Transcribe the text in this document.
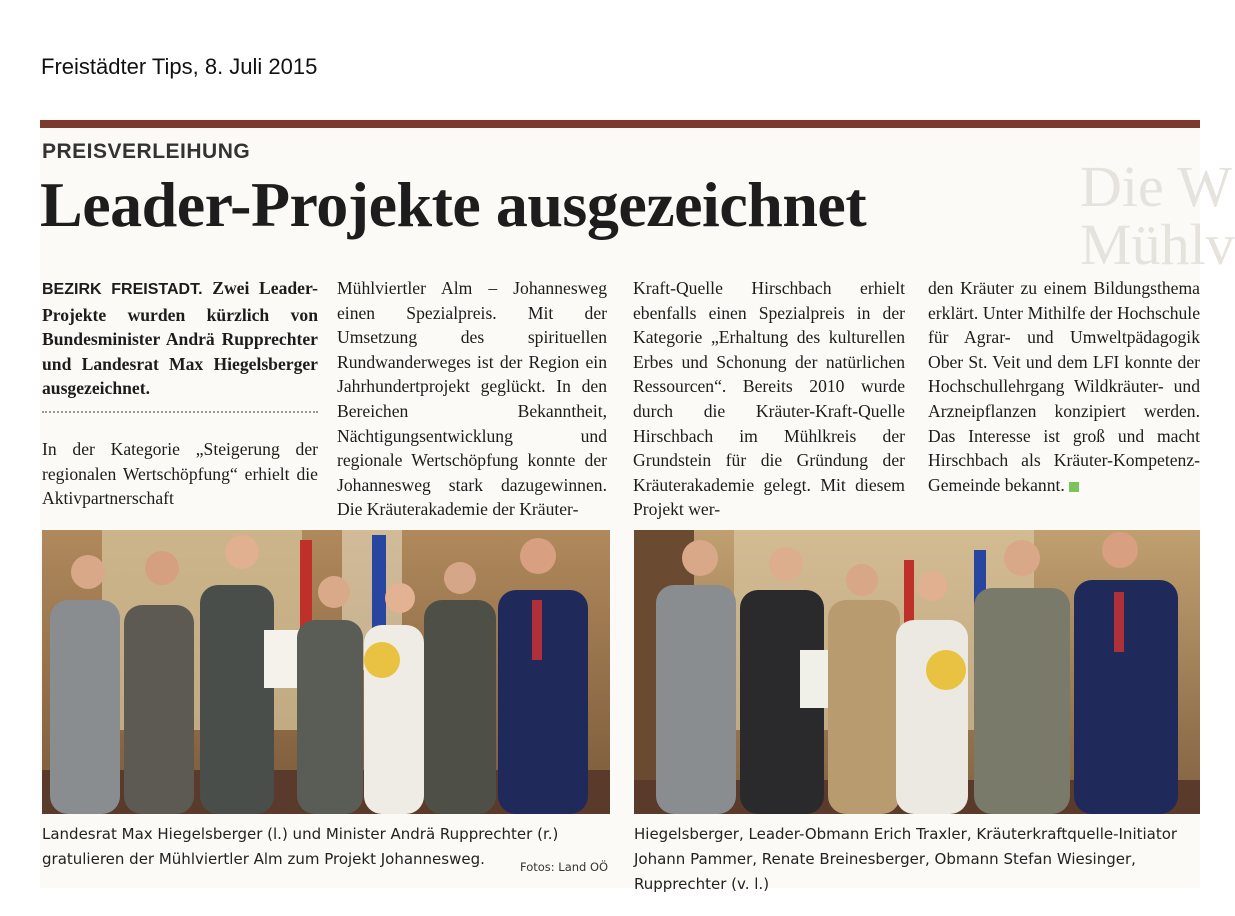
Freistädter Tips, 8. Juli 2015
Die W
Mühlv
PREISVERLEIHUNG
Leader-Projekte ausgezeichnet

BEZIRK FREISTADT. Zwei Leader-Projekte wurden kürzlich von Bundesminister Andrä Rupprechter und Landesrat Max Hiegelsberger ausgezeichnet.

In der Kategorie „Steigerung der regionalen Wertschöpfung“ erhielt die Aktivpartnerschaft

Mühlviertler Alm – Johannesweg einen Spezialpreis. Mit der Umsetzung des spirituellen Rundwanderweges ist der Region ein Jahrhundertprojekt geglückt. In den Bereichen Bekanntheit, Nächtigungsentwicklung und regionale Wertschöpfung konnte der Johannesweg stark dazugewinnen. Die Kräuterakademie der Kräuter-

Kraft-Quelle Hirschbach erhielt ebenfalls einen Spezialpreis in der Kategorie „Erhaltung des kulturellen Erbes und Schonung der natürlichen Ressourcen“. Bereits 2010 wurde durch die Kräuter-Kraft-Quelle Hirschbach im Mühlkreis der Grundstein für die Gründung der Kräuterakademie gelegt. Mit diesem Projekt wer-

den Kräuter zu einem Bildungsthema erklärt. Unter Mithilfe der Hochschule für Agrar- und Umweltpädagogik Ober St. Veit und dem LFI konnte der Hochschullehrgang Wildkräuter- und Arzneipflanzen konzipiert werden. Das Interesse ist groß und macht Hirschbach als Kräuter-Kompetenz-Gemeinde bekannt.

Landesrat Max Hiegelsberger (l.) und Minister Andrä Rupprechter (r.) gratulieren der Mühlviertler Alm zum Projekt Johannesweg.	Fotos: Land OÖ
Hiegelsberger, Leader-Obmann Erich Traxler, Kräuterkraftquelle-Initiator Johann Pammer, Renate Breinesberger, Obmann Stefan Wiesinger, Rupprechter (v. l.)
